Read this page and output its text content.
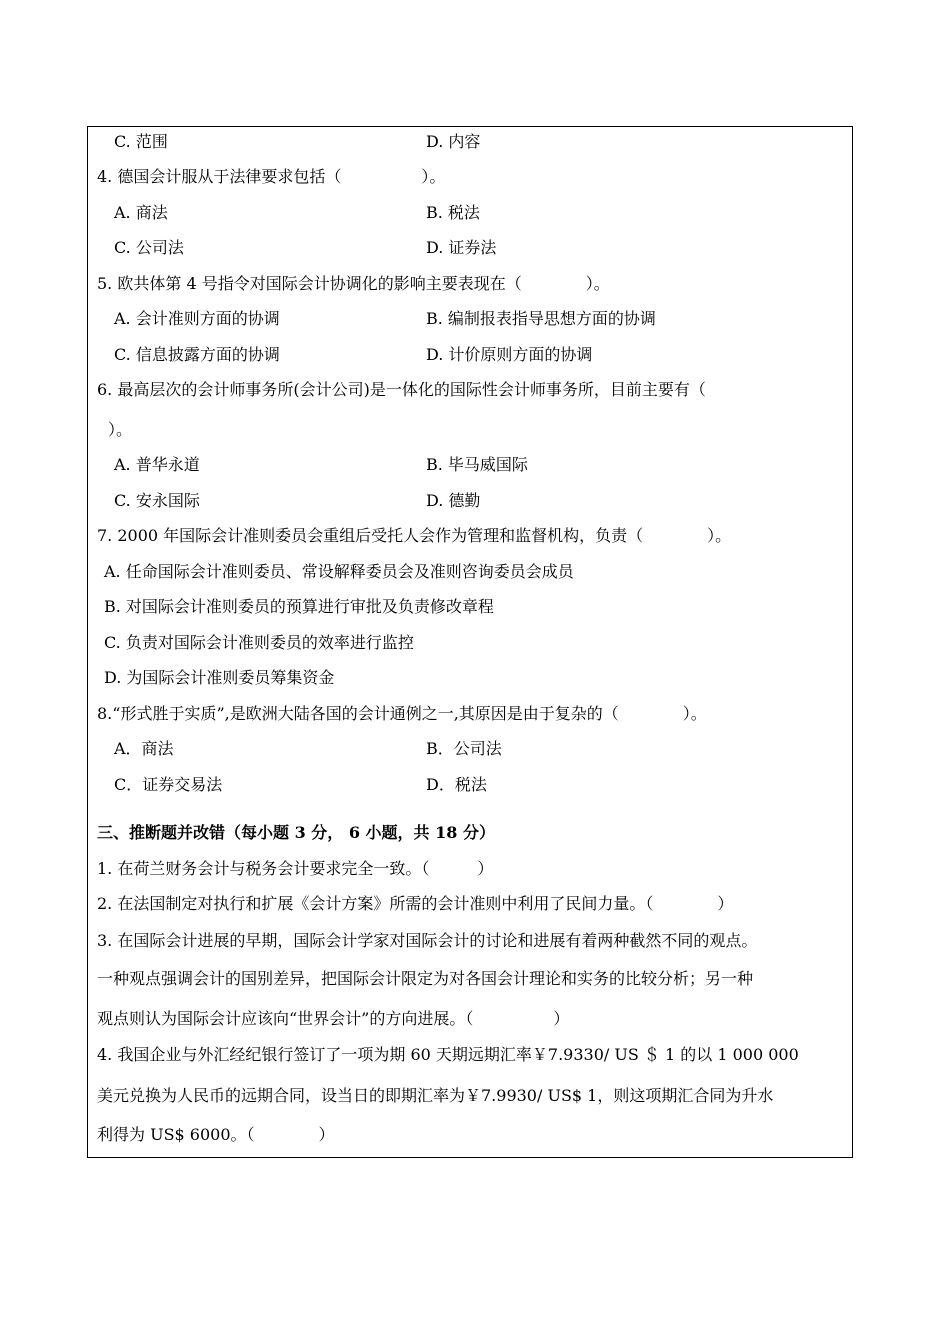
C. 范围	D. 内容
4. 德国会计服从于法律要求包括（　　　　　）。
A. 商法	B. 税法
C. 公司法	D. 证券法
5. 欧共体第 4 号指令对国际会计协调化的影响主要表现在（　　　　）。
A. 会计准则方面的协调	B. 编制报表指导思想方面的协调
C. 信息披露方面的协调	D. 计价原则方面的协调
6. 最高层次的会计师事务所(会计公司)是一体化的国际性会计师事务所，目前主要有（
）。
A. 普华永道	B. 毕马威国际
C. 安永国际	D. 德勤
7. 2000 年国际会计准则委员会重组后受托人会作为管理和监督机构，负责（　　　　）。
A. 任命国际会计准则委员、常设解释委员会及准则咨询委员会成员
B. 对国际会计准则委员的预算进行审批及负责修改章程
C. 负责对国际会计准则委员的效率进行监控
D. 为国际会计准则委员筹集资金
8.“形式胜于实质”,是欧洲大陆各国的会计通例之一,其原因是由于复杂的（　　　　）。
A．商法	B．公司法
C．证券交易法	D．税法
三、推断题并改错（每小题 3 分， 6 小题，共 18 分）
1. 在荷兰财务会计与税务会计要求完全一致。（　　　）
2. 在法国制定对执行和扩展《会计方案》所需的会计准则中利用了民间力量。（　　　　）
3. 在国际会计进展的早期，国际会计学家对国际会计的讨论和进展有着两种截然不同的观点。
一种观点强调会计的国别差异，把国际会计限定为对各国会计理论和实务的比较分析；另一种
观点则认为国际会计应该向“世界会计”的方向进展。（　　　　　）
4. 我国企业与外汇经纪银行签订了一项为期 60 天期远期汇率￥7.9330/ US ＄ 1 的以 1 000 000
美元兑换为人民币的远期合同，设当日的即期汇率为￥7.9930/ US$ 1，则这项期汇合同为升水
利得为 US$ 6000。（　　　　）
